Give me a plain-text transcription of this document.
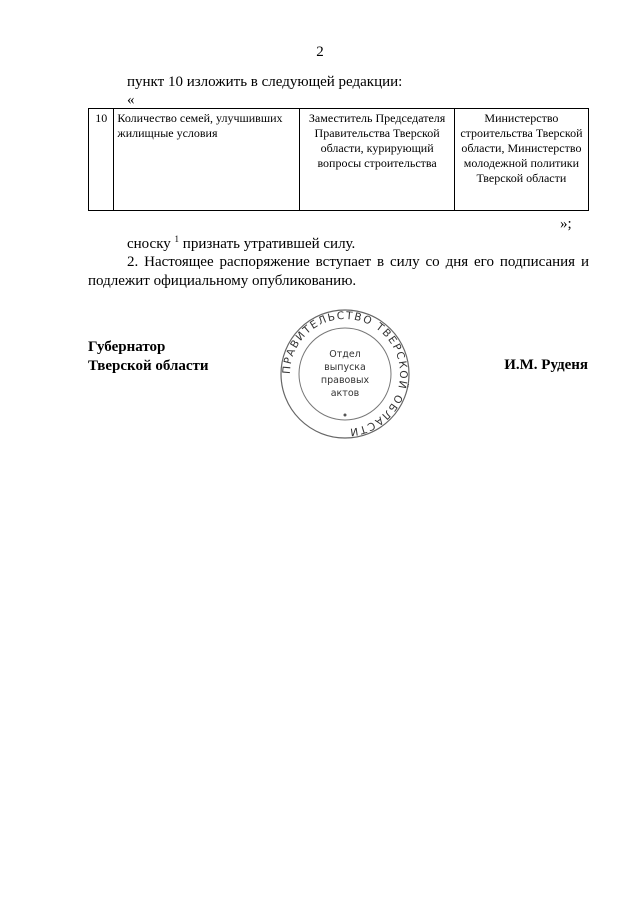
2
пункт 10 изложить в следующей редакции:
«
10	Количество семей, улучшивших жилищные условия	Заместитель Председателя Правительства Тверской области, курирующий вопросы строительства	Министерство строительства Тверской области, Министерство молодежной политики Тверской области
»;
сноску $^1$ признать утратившей силу.
2. Настоящее распоряжение вступает в силу со дня его подписания и подлежит официальному опубликованию.
Губернатор
Тверской области	И.М. Руденя
ПРАВИТЕЛЬСТВО ТВЕРСКОЙ ОБЛАСТИ
Отдел
выпуска
правовых
актов
